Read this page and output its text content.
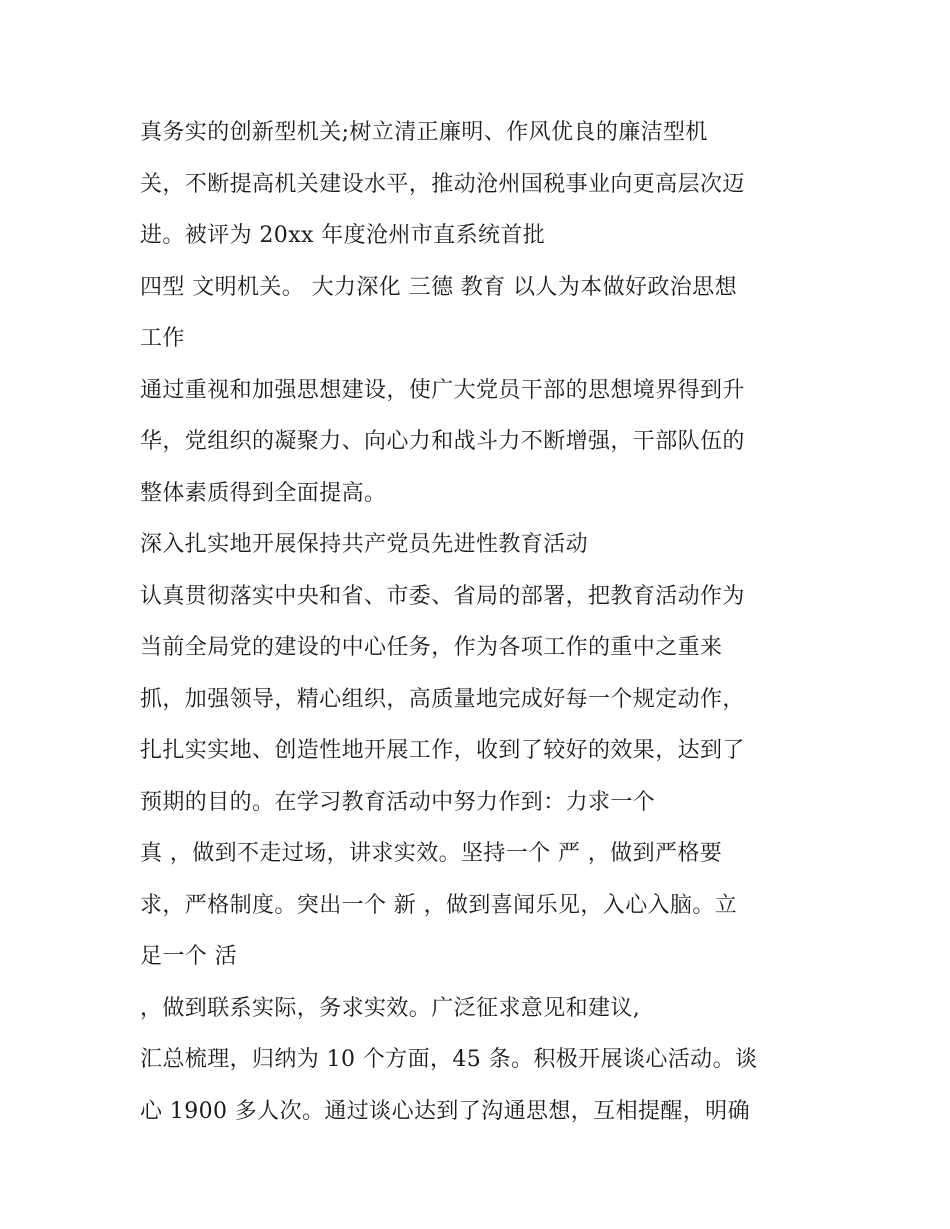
真务实的创新型机关;树立清正廉明、作风优良的廉洁型机
关，不断提高机关建设水平，推动沧州国税事业向更高层次迈
进。被评为 20xx 年度沧州市直系统首批
四型 文明机关。 大力深化 三德 教育 以人为本做好政治思想
工作
通过重视和加强思想建设，使广大党员干部的思想境界得到升
华，党组织的凝聚力、向心力和战斗力不断增强，干部队伍的
整体素质得到全面提高。
深入扎实地开展保持共产党员先进性教育活动
认真贯彻落实中央和省、市委、省局的部署，把教育活动作为
当前全局党的建设的中心任务，作为各项工作的重中之重来
抓，加强领导，精心组织，高质量地完成好每一个规定动作，
扎扎实实地、创造性地开展工作，收到了较好的效果，达到了
预期的目的。在学习教育活动中努力作到：力求一个
真 ，做到不走过场，讲求实效。坚持一个 严 ，做到严格要
求，严格制度。突出一个 新 ，做到喜闻乐见，入心入脑。立
足一个 活
，做到联系实际，务求实效。广泛征求意见和建议,
汇总梳理，归纳为 10 个方面，45 条。积极开展谈心活动。谈
心 1900 多人次。通过谈心达到了沟通思想，互相提醒，明确
